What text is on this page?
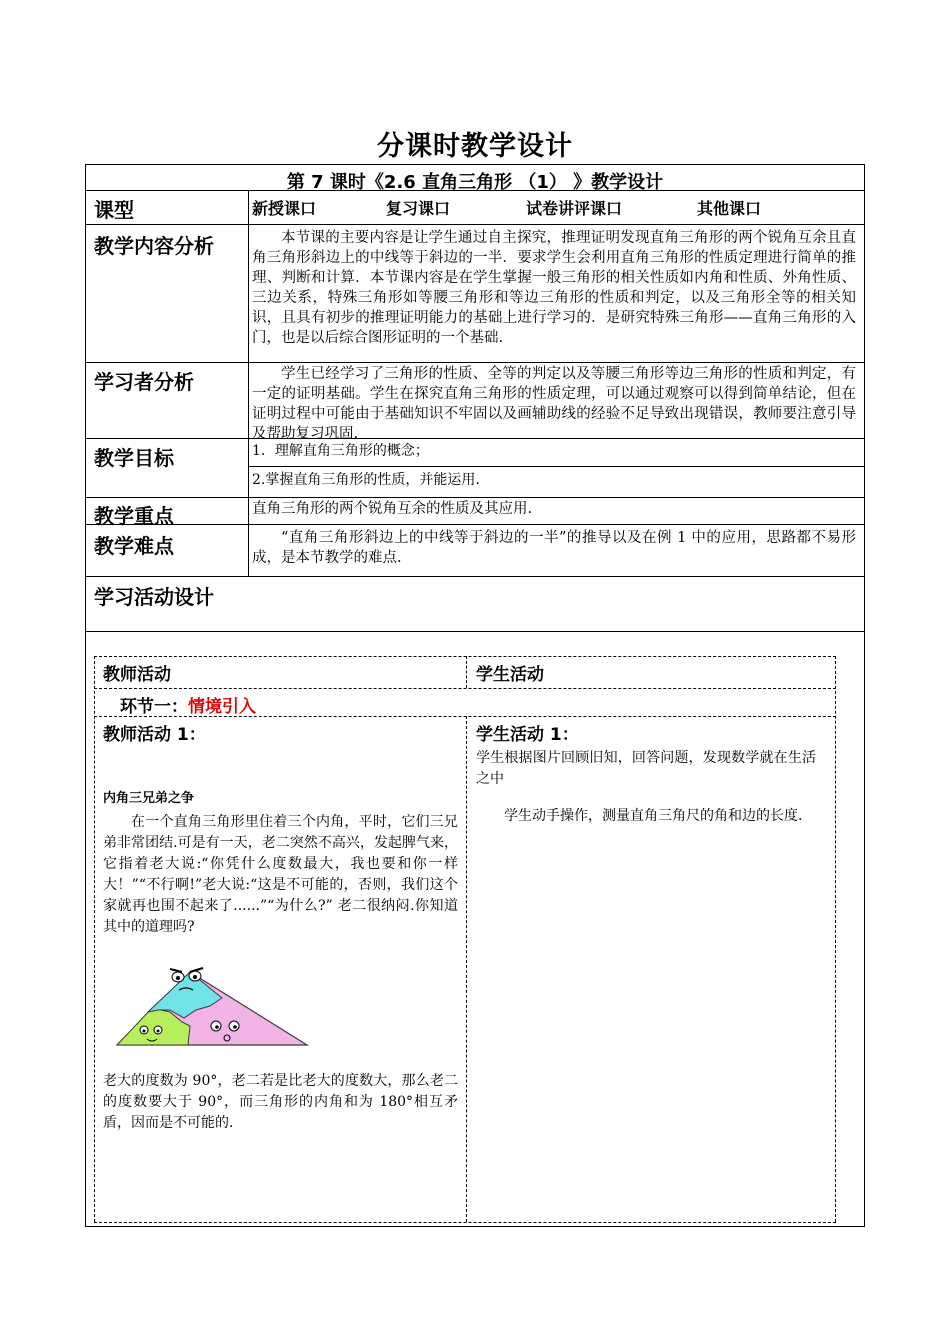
分课时教学设计
第 7 课时《2.6 直角三角形 （1） 》教学设计
课型	新授课口	复习课口	试卷讲评课口	其他课口
教学内容分析	本节课的主要内容是让学生通过自主探究，推理证明发现直角三角形的两个锐角互余且直角三角形斜边上的中线等于斜边的一半．要求学生会利用直角三角形的性质定理进行简单的推理、判断和计算．本节课内容是在学生掌握一般三角形的相关性质如内角和性质、外角性质、三边关系，特殊三角形如等腰三角形和等边三角形的性质和判定，以及三角形全等的相关知识，且具有初步的推理证明能力的基础上进行学习的．是研究特殊三角形——直角三角形的入门，也是以后综合图形证明的一个基础.
学习者分析	学生已经学习了三角形的性质、全等的判定以及等腰三角形等边三角形的性质和判定，有一定的证明基础。学生在探究直角三角形的性质定理，可以通过观察可以得到简单结论，但在证明过程中可能由于基础知识不牢固以及画辅助线的经验不足导致出现错误，教师要注意引导及帮助复习巩固.
教学目标	1．理解直角三角形的概念；
2.掌握直角三角形的性质，并能运用.
教学重点	直角三角形的两个锐角互余的性质及其应用.
教学难点	“直角三角形斜边上的中线等于斜边的一半”的推导以及在例 1 中的应用，思路都不易形成，是本节教学的难点.
学习活动设计
教师活动	学生活动
环节一：情境引入
教师活动 1：
内角三兄弟之争
在一个直角三角形里住着三个内角，平时，它们三兄弟非常团结.可是有一天，老二突然不高兴，发起脾气来，它指着老大说:“你凭什么度数最大，我也要和你一样大！”“不行啊!”老大说:“这是不可能的，否则，我们这个家就再也围不起来了......”“为什么?” 老二很纳闷.你知道其中的道理吗?
老大的度数为 90°，老二若是比老大的度数大，那么老二的度数要大于 90°，而三角形的内角和为 180°相互矛盾，因而是不可能的.
学生活动 1：
学生根据图片回顾旧知，回答问题，发现数学就在生活之中
学生动手操作，测量直角三角尺的角和边的长度.
